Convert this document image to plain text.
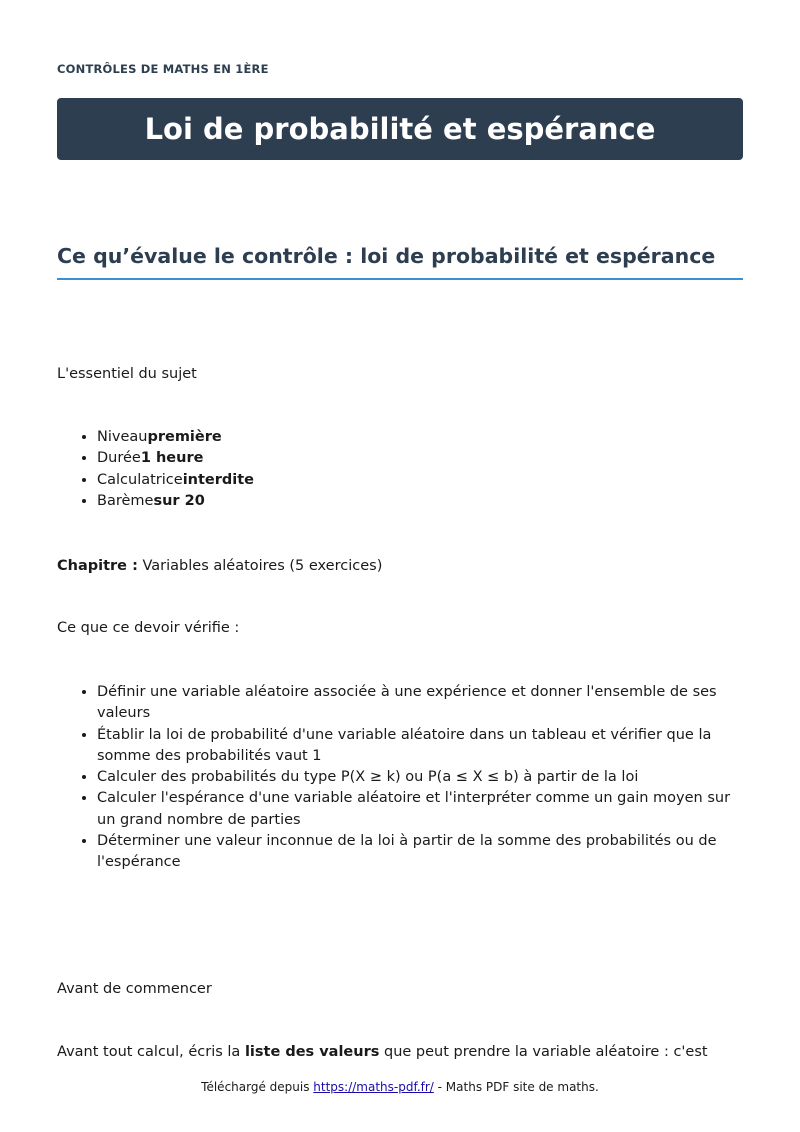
CONTRÔLES DE MATHS EN 1ÈRE
Loi de probabilité et espérance
Ce qu’évalue le contrôle : loi de probabilité et espérance

L'essentiel du sujet

• Niveaupremière
• Durée1 heure
• Calculatriceinterdite
• Barèmesur 20

Chapitre : Variables aléatoires (5 exercices)

Ce que ce devoir vérifie :

• Définir une variable aléatoire associée à une expérience et donner l'ensemble de ses valeurs
• Établir la loi de probabilité d'une variable aléatoire dans un tableau et vérifier que la somme des probabilités vaut 1
• Calculer des probabilités du type P(X ≥ k) ou P(a ≤ X ≤ b) à partir de la loi
• Calculer l'espérance d'une variable aléatoire et l'interpréter comme un gain moyen sur un grand nombre de parties
• Déterminer une valeur inconnue de la loi à partir de la somme des probabilités ou de l'espérance

Avant de commencer

Avant tout calcul, écris la liste des valeurs que peut prendre la variable aléatoire : c'est

Téléchargé depuis https://maths-pdf.fr/ - Maths PDF site de maths.
